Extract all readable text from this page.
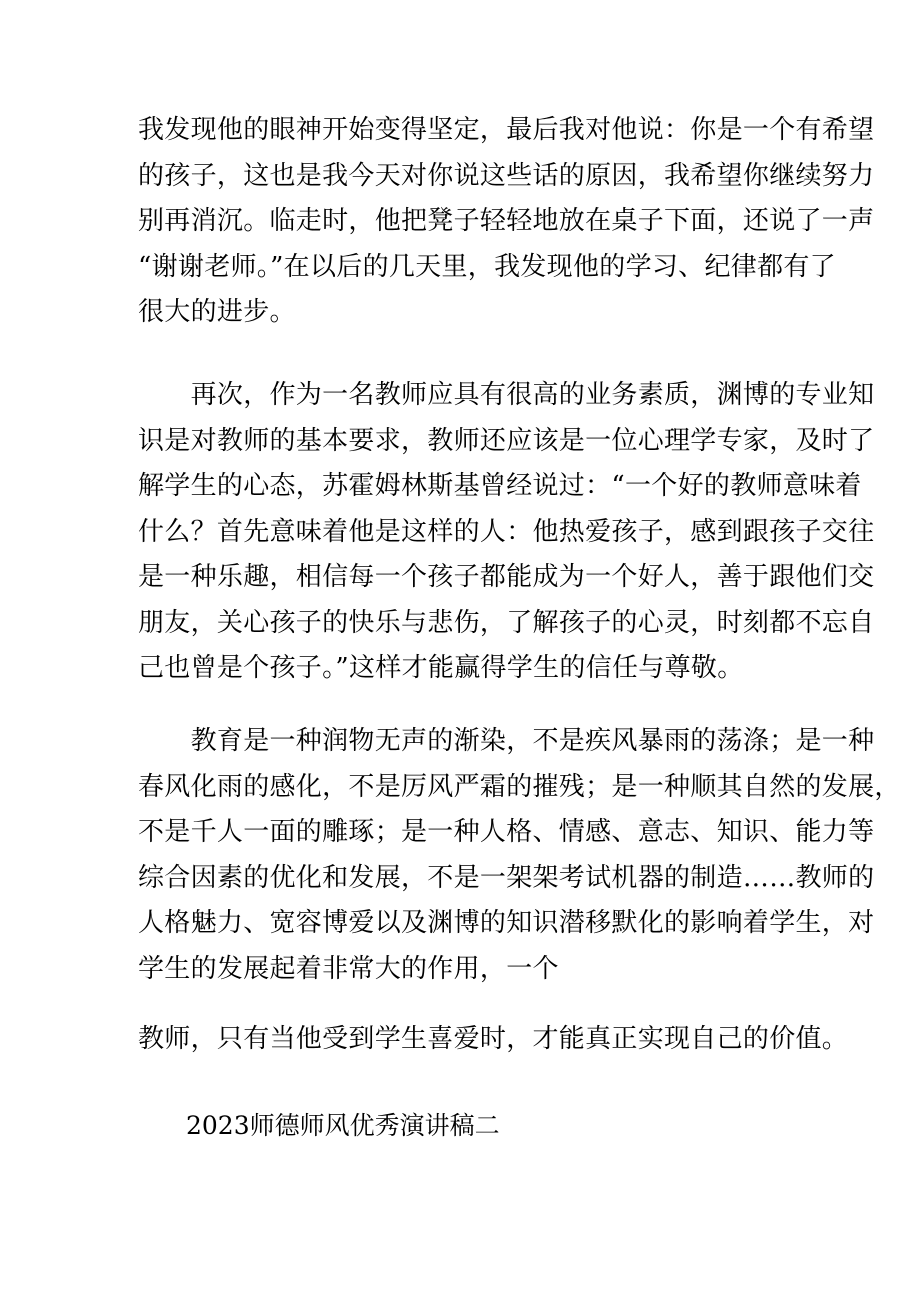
我发现他的眼神开始变得坚定，最后我对他说：你是一个有希望
的孩子，这也是我今天对你说这些话的原因，我希望你继续努力
别再消沉。临走时，他把凳子轻轻地放在桌子下面，还说了一声
“谢谢老师。”在以后的几天里，我发现他的学习、纪律都有了
很大的进步。
　　再次，作为一名教师应具有很高的业务素质，渊博的专业知
识是对教师的基本要求，教师还应该是一位心理学专家，及时了
解学生的心态，苏霍姆林斯基曾经说过：“一个好的教师意味着
什么？首先意味着他是这样的人：他热爱孩子，感到跟孩子交往
是一种乐趣，相信每一个孩子都能成为一个好人，善于跟他们交
朋友，关心孩子的快乐与悲伤，了解孩子的心灵，时刻都不忘自
己也曾是个孩子。”这样才能赢得学生的信任与尊敬。
　　教育是一种润物无声的渐染，不是疾风暴雨的荡涤；是一种
春风化雨的感化，不是厉风严霜的摧残；是一种顺其自然的发展，
不是千人一面的雕琢；是一种人格、情感、意志、知识、能力等
综合因素的优化和发展，不是一架架考试机器的制造……教师的
人格魅力、宽容博爱以及渊博的知识潜移默化的影响着学生，对
学生的发展起着非常大的作用，一个
教师，只有当他受到学生喜爱时，才能真正实现自己的价值。

2023师德师风优秀演讲稿二
